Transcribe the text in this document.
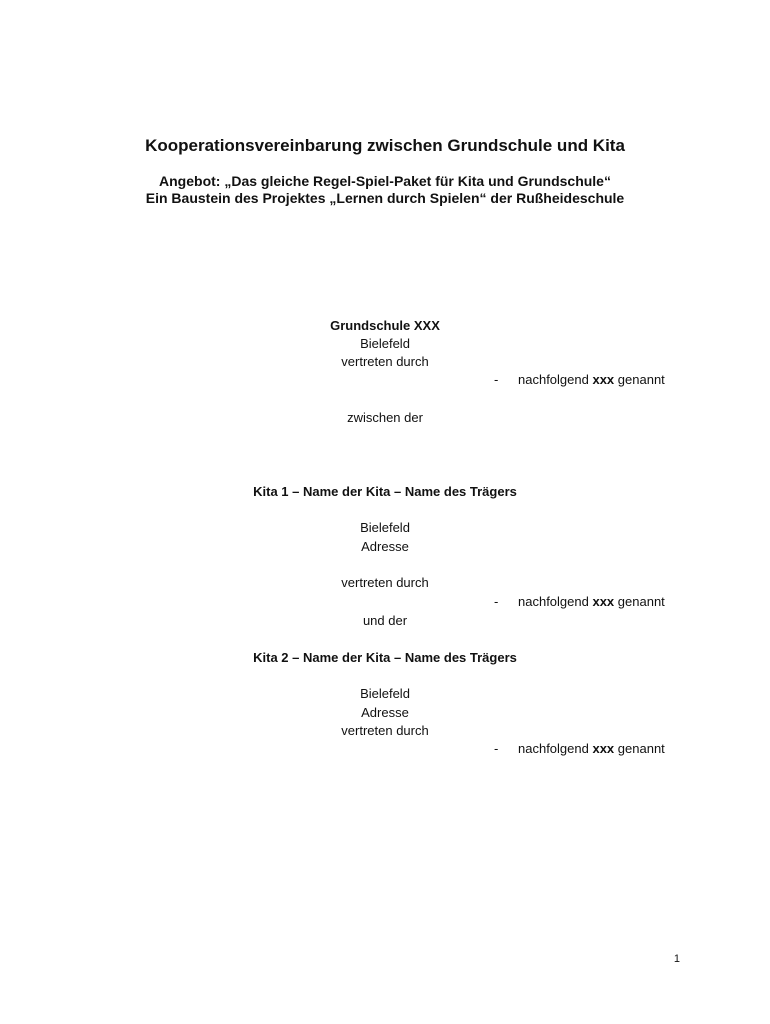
Kooperationsvereinbarung zwischen Grundschule und Kita
Angebot: „Das gleiche Regel-Spiel-Paket für Kita und Grundschule“
Ein Baustein des Projektes „Lernen durch Spielen“ der Rußheideschule
Grundschule XXX
Bielefeld
vertreten durch
- nachfolgend xxx genannt
zwischen der
Kita 1 – Name der Kita – Name des Trägers
Bielefeld
Adresse
vertreten durch
- nachfolgend xxx genannt
und der
Kita 2 – Name der Kita – Name des Trägers
Bielefeld
Adresse
vertreten durch
- nachfolgend xxx genannt
1
